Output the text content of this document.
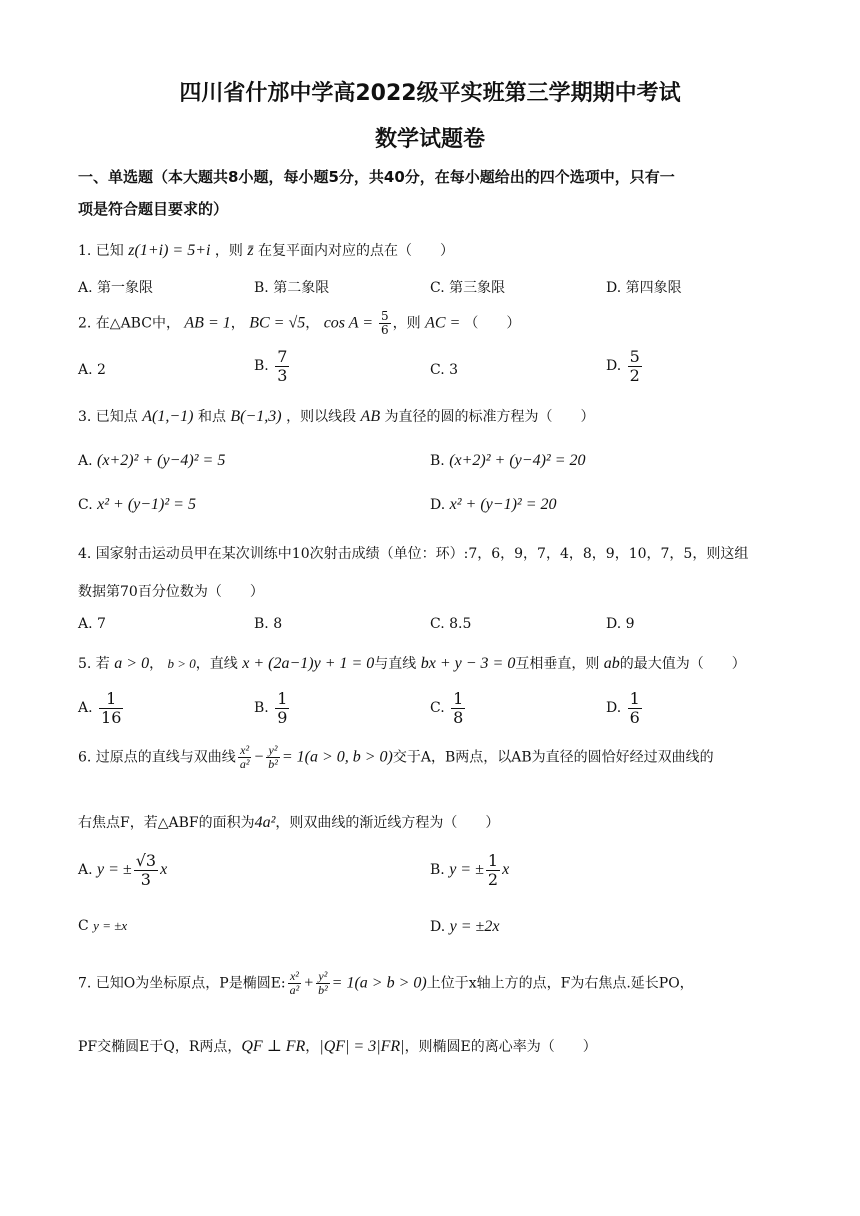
四川省什邡中学高2022级平实班第三学期期中考试
数学试题卷
一、单选题（本大题共8小题，每小题5分，共40分，在每小题给出的四个选项中，只有一
项是符合题目要求的）
1. 已知 z(1+i) = 5+i ，则 z̄ 在复平面内对应的点在（　　）
A. 第一象限	B. 第二象限	C. 第三象限	D. 第四象限
2. 在△ABC中， AB = 1， BC = √5， $\cos A = \frac{5}{6}$ ，则 AC = （　　）
A. 2	B. $\frac{7}{3}$	C. 3	D. $\frac{5}{2}$
3. 已知点 A(1,−1) 和点 B(−1,3) ，则以线段 AB 为直径的圆的标准方程为（　　）
A. (x+2)² + (y−4)² = 5	B. (x+2)² + (y−4)² = 20
C. x² + (y−1)² = 5	D. x² + (y−1)² = 20
4. 国家射击运动员甲在某次训练中10次射击成绩（单位：环）:7，6，9，7，4，8，9，10，7，5，则这组
数据第70百分位数为（　　）
A. 7	B. 8	C. 8.5	D. 9
5. 若 a > 0， b > 0，直线 x + (2a−1)y + 1 = 0与直线 bx + y − 3 = 0互相垂直，则 ab的最大值为（　　）
A. $\frac{1}{16}$	B. $\frac{1}{9}$	C. $\frac{1}{8}$	D. $\frac{1}{6}$
6. 过原点的直线与双曲线 $\frac{\text{x²}}{\text{a²}} - \frac{\text{y²}}{\text{b²}} = 1(a > 0$, b > 0)交于A，B两点，以AB为直径的圆恰好经过双曲线的
右焦点F，若△ABF的面积为4a²，则双曲线的渐近线方程为（　　）
A. y = ± $\frac{√3}{3}$ x	B. y = ± $\frac{1}{2}$ x
C y = ±x	D. y = ±2x
7. 已知O为坐标原点，P是椭圆E: $\frac{\text{x²}}{\text{a²}} + \frac{\text{y²}}{\text{b²}} = 1(a > b > 0)$上位于x轴上方的点，F为右焦点.延长PO，
PF交椭圆E于Q，R两点，QF ⊥ FR，|QF| = 3|FR|，则椭圆E的离心率为（　　）
